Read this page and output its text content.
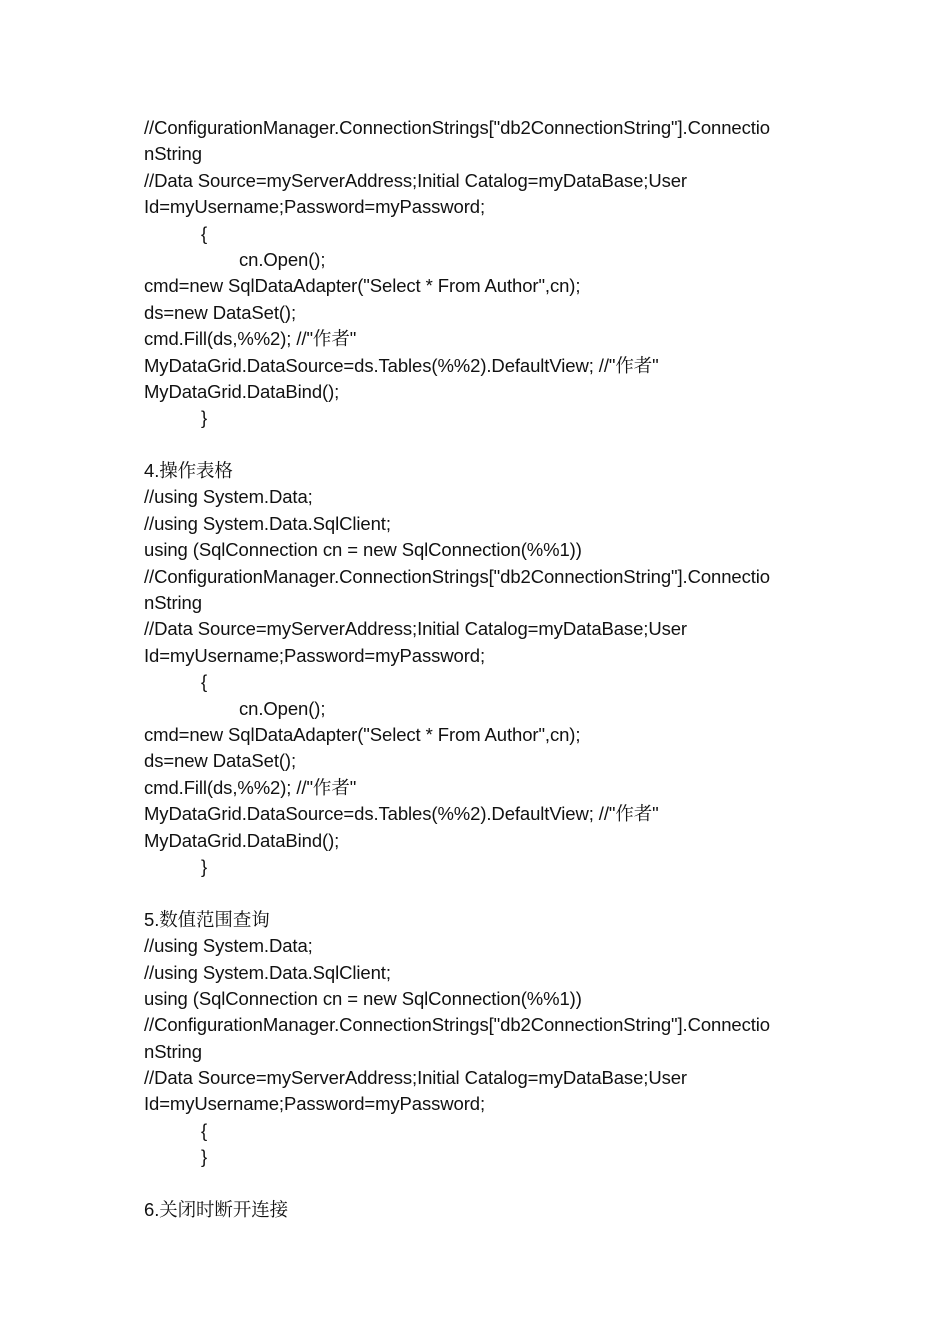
//ConfigurationManager.ConnectionStrings["db2ConnectionString"].Connectio
nString
//Data Source=myServerAddress;Initial Catalog=myDataBase;User
Id=myUsername;Password=myPassword;
{
cn.Open();
cmd=new SqlDataAdapter("Select * From Author",cn);
ds=new DataSet();
cmd.Fill(ds,%%2); //"作者"
MyDataGrid.DataSource=ds.Tables(%%2).DefaultView; //"作者"
MyDataGrid.DataBind();
}
4.操作表格
//using System.Data;
//using System.Data.SqlClient;
using (SqlConnection cn = new SqlConnection(%%1))
//ConfigurationManager.ConnectionStrings["db2ConnectionString"].Connectio
nString
//Data Source=myServerAddress;Initial Catalog=myDataBase;User
Id=myUsername;Password=myPassword;
{
cn.Open();
cmd=new SqlDataAdapter("Select * From Author",cn);
ds=new DataSet();
cmd.Fill(ds,%%2); //"作者"
MyDataGrid.DataSource=ds.Tables(%%2).DefaultView; //"作者"
MyDataGrid.DataBind();
}
5.数值范围查询
//using System.Data;
//using System.Data.SqlClient;
using (SqlConnection cn = new SqlConnection(%%1))
//ConfigurationManager.ConnectionStrings["db2ConnectionString"].Connectio
nString
//Data Source=myServerAddress;Initial Catalog=myDataBase;User
Id=myUsername;Password=myPassword;
{
}
6.关闭时断开连接
